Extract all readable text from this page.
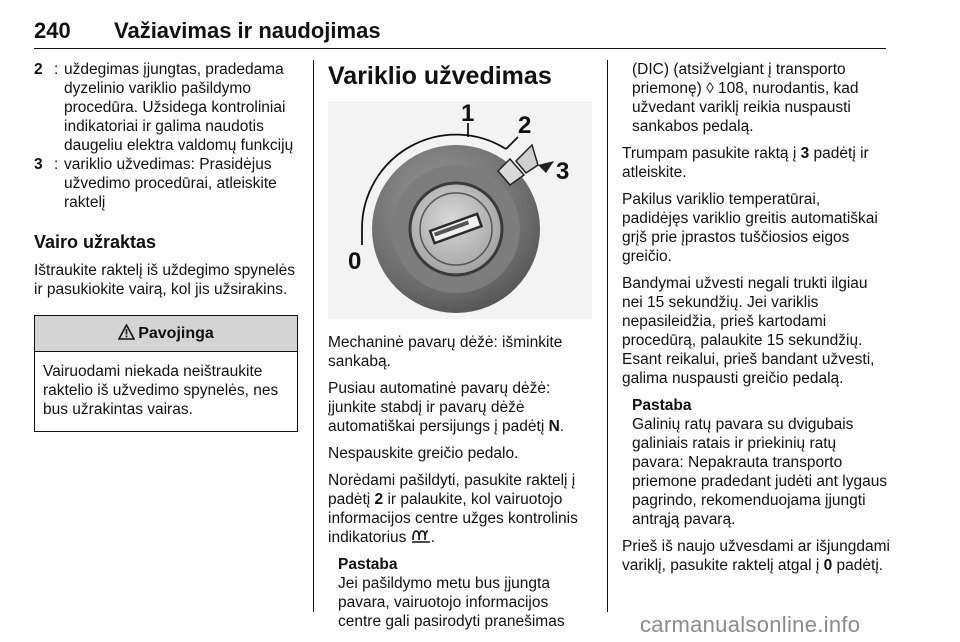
240 Važiavimas ir naudojimas
2 : uždegimas įjungtas, pradedama dyzelinio variklio pašildymo procedūra. Užsidega kontroliniai indikatoriai ir galima naudotis daugeliu elektra valdomų funkcijų
3 : variklio užvedimas: Prasidėjus užvedimo procedūrai, atleiskite raktelį
Vairo užraktas

Ištraukite raktelį iš uždegimo spynelės ir pasukiokite vairą, kol jis užsirakins.

Pavojinga
Vairuodami niekada neištraukite raktelio iš užvedimo spynelės, nes bus užrakintas vairas.
Variklio užvedimas
0
1 2
3

Mechaninė pavarų dėžė: išminkite sankabą.

Pusiau automatinė pavarų dėžė: įjunkite stabdį ir pavarų dėžė automatiškai persijungs į padėtį N.

Nespauskite greičio pedalo.

Norėdami pašildyti, pasukite raktelį į padėtį 2 ir palaukite, kol vairuotojo informacijos centre užges kontrolinis indikatorius .

Pastaba
Jei pašildymo metu bus įjungta pavara, vairuotojo informacijos centre gali pasirodyti pranešimas

(DIC) (atsižvelgiant į transporto priemonę) ◊ 108, nurodantis, kad užvedant variklį reikia nuspausti sankabos pedalą.

Trumpam pasukite raktą į 3 padėtį ir atleiskite.

Pakilus variklio temperatūrai, padidėjęs variklio greitis automatiškai grįš prie įprastos tuščiosios eigos greičio.

Bandymai užvesti negali trukti ilgiau nei 15 sekundžių. Jei variklis nepasileidžia, prieš kartodami procedūrą, palaukite 15 sekundžių. Esant reikalui, prieš bandant užvesti, galima nuspausti greičio pedalą.

Pastaba
Galinių ratų pavara su dvigubais galiniais ratais ir priekinių ratų pavara: Nepakrauta transporto priemone pradedant judėti ant lygaus pagrindo, rekomenduojama įjungti antrąją pavarą.

Prieš iš naujo užvesdami ar išjungdami variklį, pasukite raktelį atgal į 0 padėtį.

carmanualsonline.info
